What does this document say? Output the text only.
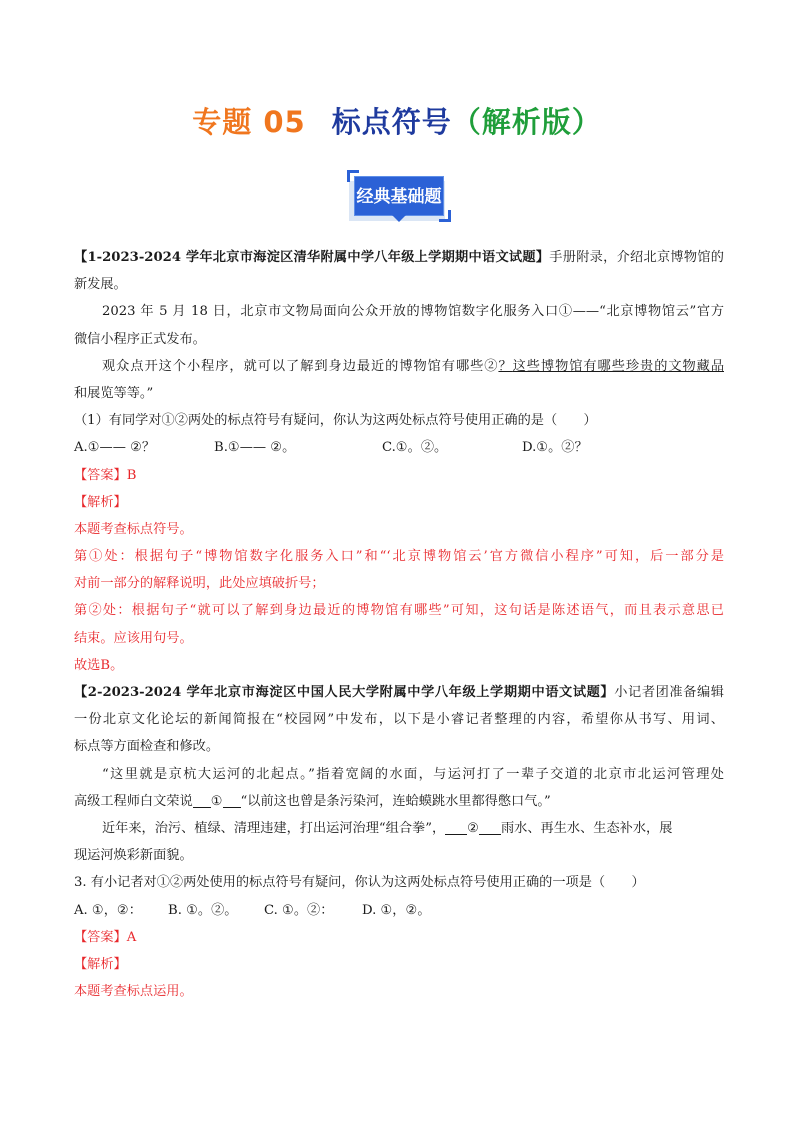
专题 05 标点符号（解析版）
经典基础题
【1-2023-2024 学年北京市海淀区清华附属中学八年级上学期期中语文试题】手册附录，介绍北京博物馆的
新发展。
2023 年 5 月 18 日，北京市文物局面向公众开放的博物馆数字化服务入口①——“北京博物馆云”官方
微信小程序正式发布。
观众点开这个小程序，就可以了解到身边最近的博物馆有哪些②？这些博物馆有哪些珍贵的文物藏品
和展览等等。”
（1）有同学对①②两处的标点符号有疑问，你认为这两处标点符号使用正确的是（　　）
A.①—— ②？	B.①—— ②。	C.①。②。	D.①。②？
【答案】B
【解析】
本题考查标点符号。
第①处：根据句子“博物馆数字化服务入口”和“‘北京博物馆云’官方微信小程序”可知，后一部分是
对前一部分的解释说明，此处应填破折号；
第②处：根据句子“就可以了解到身边最近的博物馆有哪些”可知，这句话是陈述语气，而且表示意思已
结束。应该用句号。
故选B。
【2-2023-2024 学年北京市海淀区中国人民大学附属中学八年级上学期期中语文试题】小记者团准备编辑
一份北京文化论坛的新闻简报在“校园网”中发布，以下是小睿记者整理的内容，希望你从书写、用词、
标点等方面检查和修改。
“这里就是京杭大运河的北起点。”指着宽阔的水面，与运河打了一辈子交道的北京市北运河管理处
高级工程师白文荣说 ① “以前这也曾是条污染河，连蛤蟆跳水里都得憋口气。”
近年来，治污、植绿、清理违建，打出运河治理“组合拳”， ② 雨水、再生水、生态补水，展
现运河焕彩新面貌。
3. 有小记者对①②两处使用的标点符号有疑问，你认为这两处标点符号使用正确的一项是（　　）
A. ①，②： B. ①。②。 C. ①。②： D. ①，②。
【答案】A
【解析】
本题考查标点运用。
